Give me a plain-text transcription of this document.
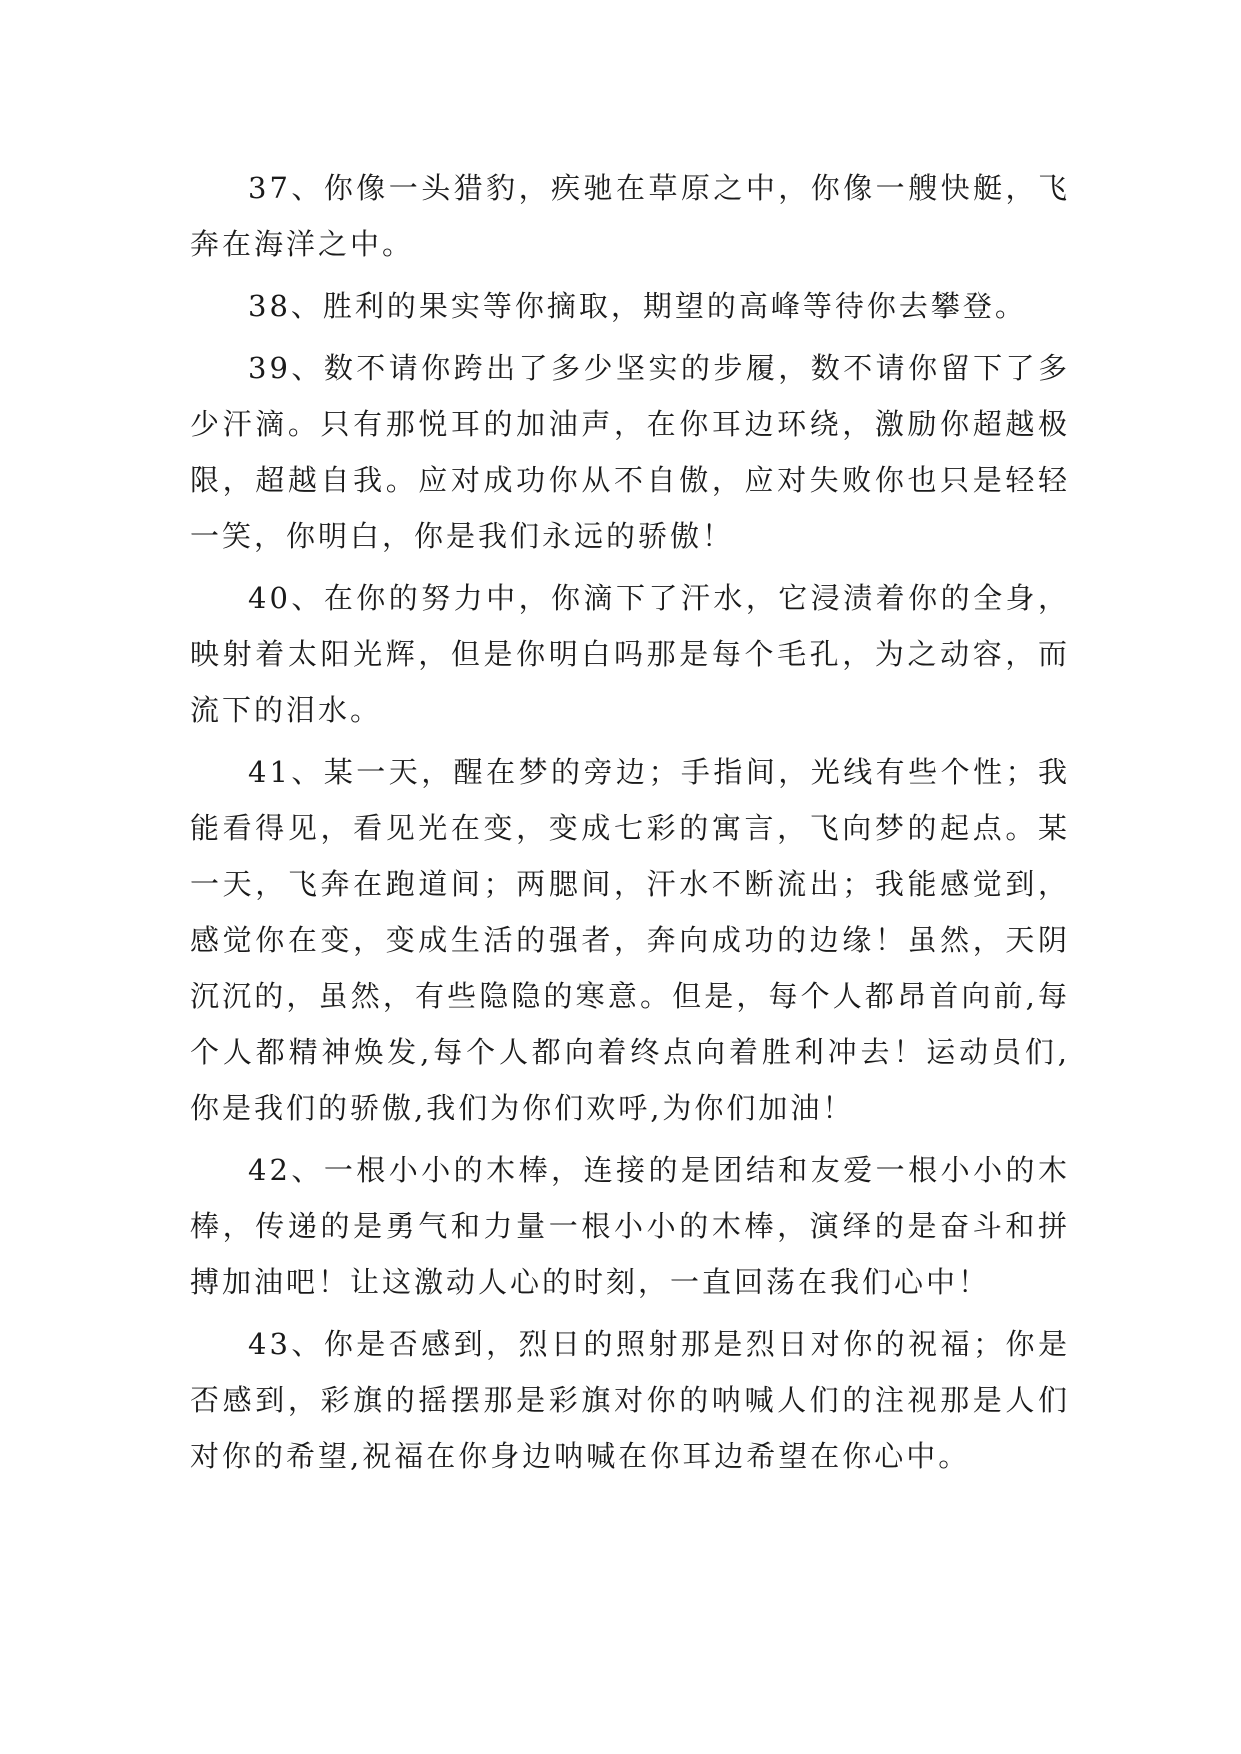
37、你像一头猎豹，疾驰在草原之中，你像一艘快艇，飞奔在海洋之中。

38、胜利的果实等你摘取，期望的高峰等待你去攀登。

39、数不请你跨出了多少坚实的步履，数不请你留下了多少汗滴。只有那悦耳的加油声，在你耳边环绕，激励你超越极限，超越自我。应对成功你从不自傲，应对失败你也只是轻轻一笑，你明白，你是我们永远的骄傲！

40、在你的努力中，你滴下了汗水，它浸渍着你的全身，映射着太阳光辉，但是你明白吗那是每个毛孔，为之动容，而流下的泪水。

41、某一天，醒在梦的旁边；手指间，光线有些个性；我能看得见，看见光在变，变成七彩的寓言，飞向梦的起点。某一天，飞奔在跑道间；两腮间，汗水不断流出；我能感觉到，感觉你在变，变成生活的强者，奔向成功的边缘！虽然，天阴沉沉的，虽然，有些隐隐的寒意。但是，每个人都昂首向前,每个人都精神焕发,每个人都向着终点向着胜利冲去！运动员们,你是我们的骄傲,我们为你们欢呼,为你们加油！

42、一根小小的木棒，连接的是团结和友爱一根小小的木棒，传递的是勇气和力量一根小小的木棒，演绎的是奋斗和拼搏加油吧！让这激动人心的时刻，一直回荡在我们心中！

43、你是否感到，烈日的照射那是烈日对你的祝福；你是否感到，彩旗的摇摆那是彩旗对你的呐喊人们的注视那是人们对你的希望,祝福在你身边呐喊在你耳边希望在你心中。
